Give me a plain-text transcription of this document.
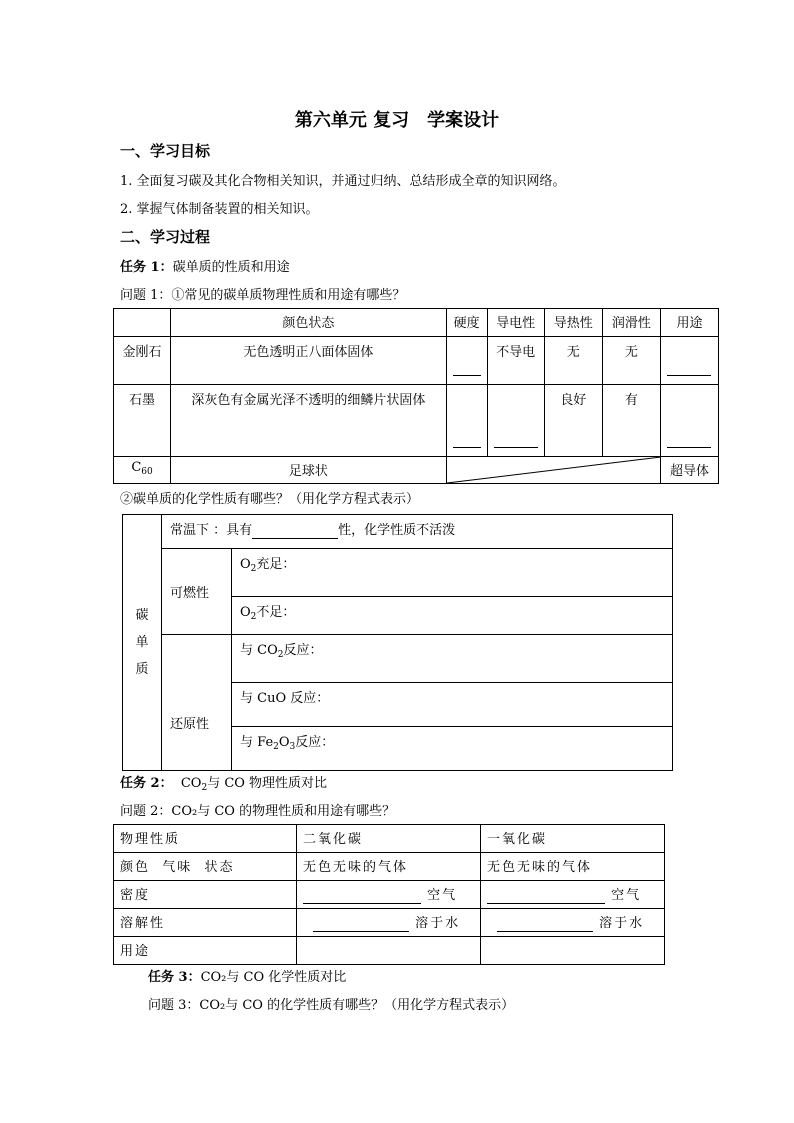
第六单元 复习　学案设计
一、学习目标
1. 全面复习碳及其化合物相关知识，并通过归纳、总结形成全章的知识网络。
2. 掌握气体制备装置的相关知识。
二、学习过程
任务 1：碳单质的性质和用途
问题 1：①常见的碳单质物理性质和用途有哪些？
	颜色状态	硬度	导电性	导热性	润滑性	用途
金刚石	无色透明正八面体固体		不导电	无	无	

石墨	深灰色有金属光泽不透明的细鳞片状固体			良好	有	

$C_{60}$	足球状					超导体
②碳单质的化学性质有哪些？（用化学方程式表示）
碳
单
质	常温下 ：具有 性，化学性质不活泼	
	可燃性	$O_2$充足：
		$O_2$不足：
	还原性	与 $CO_2$反应：
		与 CuO 反应：
		与 $Fe_2O_3$反应：
任务 2： $CO_2$与 CO 物理性质对比
问题 2：CO₂与 CO 的物理性质和用途有哪些？
物理性质	二氧化碳	一氧化碳
颜色  气味  状态	无色无味的气体	无色无味的气体
密度	空气	空气
溶解性	溶于水	溶于水
用途		
任务 3：CO₂与 CO 化学性质对比
问题 3：CO₂与 CO 的化学性质有哪些？（用化学方程式表示）
